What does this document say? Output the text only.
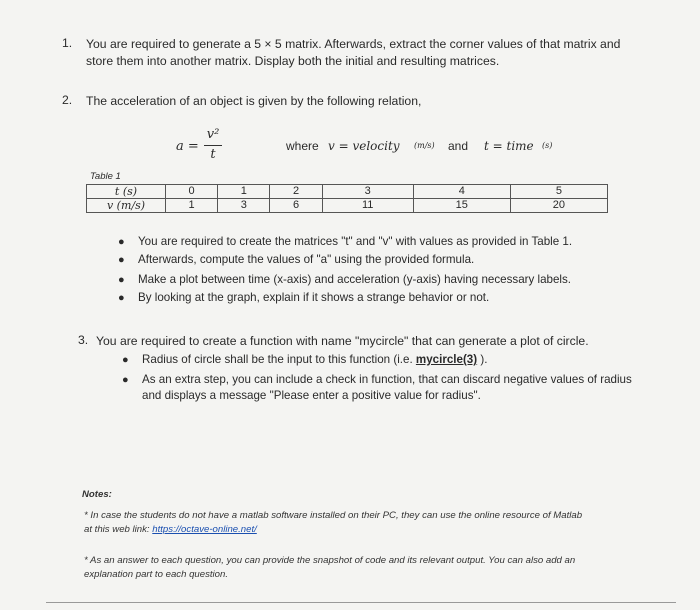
1. You are required to generate a 5 × 5 matrix. Afterwards, extract the corner values of that matrix and
store them into another matrix. Display both the initial and resulting matrices.
2. The acceleration of an object is given by the following relation,
a =
v²
t
where v = velocity (m/s) and t = time (s)
Table 1
t (s)	0	1	2	3	4	5
v (m/s)	1	3	6	11	15	20
● You are required to create the matrices "t" and "v" with values as provided in Table 1.
● Afterwards, compute the values of "a" using the provided formula.
● Make a plot between time (x-axis) and acceleration (y-axis) having necessary labels.
● By looking at the graph, explain if it shows a strange behavior or not.
3. You are required to create a function with name "mycircle" that can generate a plot of circle.
● Radius of circle shall be the input to this function (i.e. mycircle(3) ).
● As an extra step, you can include a check in function, that can discard negative values of radius
and displays a message "Please enter a positive value for radius".
Notes:
* In case the students do not have a matlab software installed on their PC, they can use the online resource of Matlab
at this web link: https://octave-online.net/
* As an answer to each question, you can provide the snapshot of code and its relevant output. You can also add an
explanation part to each question.
